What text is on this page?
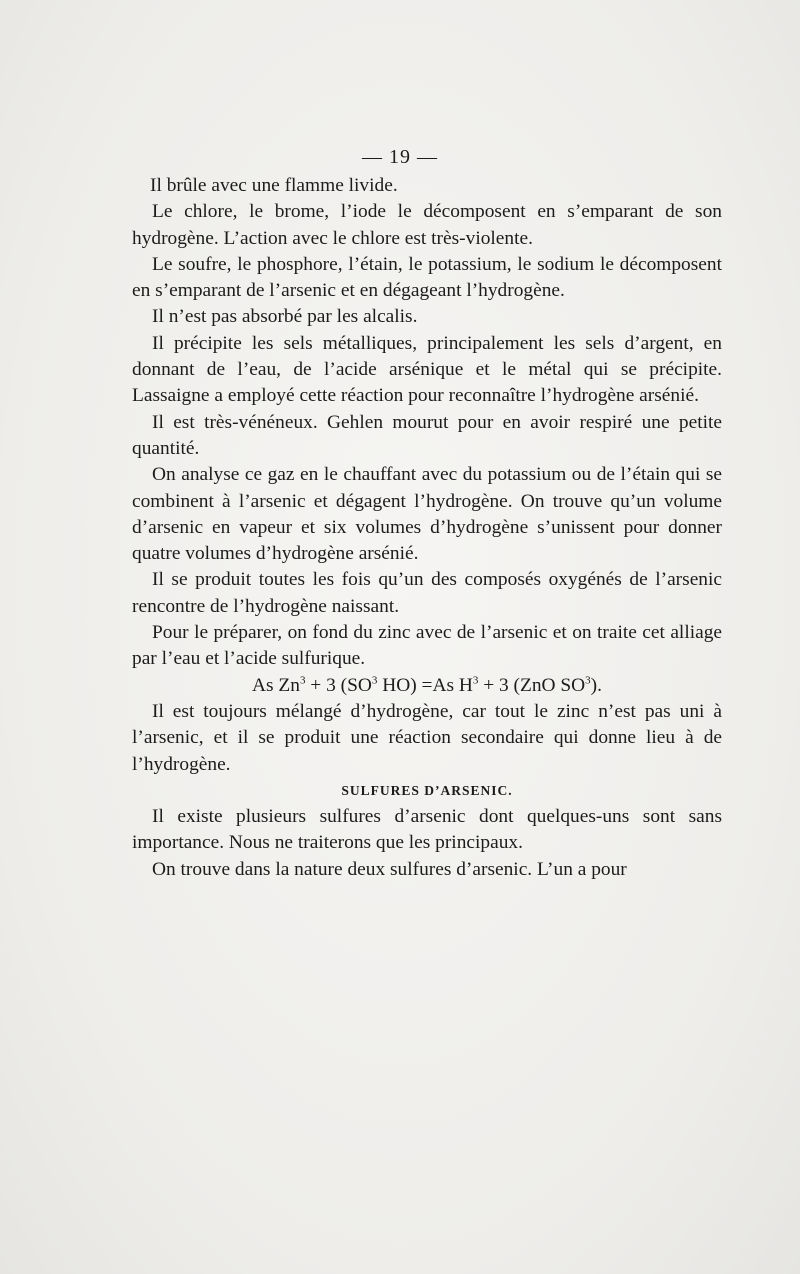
— 19 —

Il brûle avec une flamme livide.

Le chlore, le brome, l’iode le décomposent en s’emparant de son hydrogène. L’action avec le chlore est très-violente.

Le soufre, le phosphore, l’étain, le potassium, le sodium le décomposent en s’emparant de l’arsenic et en dégageant l’hydrogène.

Il n’est pas absorbé par les alcalis.

Il précipite les sels métalliques, principalement les sels d’argent, en donnant de l’eau, de l’acide arsénique et le métal qui se précipite. Lassaigne a employé cette réaction pour reconnaître l’hydrogène arsénié.

Il est très-vénéneux. Gehlen mourut pour en avoir respiré une petite quantité.

On analyse ce gaz en le chauffant avec du potassium ou de l’étain qui se combinent à l’arsenic et dégagent l’hydrogène. On trouve qu’un volume d’arsenic en vapeur et six volumes d’hydrogène s’unissent pour donner quatre volumes d’hydrogène arsénié.

Il se produit toutes les fois qu’un des composés oxygénés de l’arsenic rencontre de l’hydrogène naissant.

Pour le préparer, on fond du zinc avec de l’arsenic et on traite cet alliage par l’eau et l’acide sulfurique.

As $Zn^3 + 3$ ($SO^3$ HO) =As $H^3 + 3$ (ZnO $SO^3$).

Il est toujours mélangé d’hydrogène, car tout le zinc n’est pas uni à l’arsenic, et il se produit une réaction secondaire qui donne lieu à de l’hydrogène.

SULFURES D’ARSENIC.

Il existe plusieurs sulfures d’arsenic dont quelques-uns sont sans importance. Nous ne traiterons que les principaux.

On trouve dans la nature deux sulfures d’arsenic. L’un a pour
